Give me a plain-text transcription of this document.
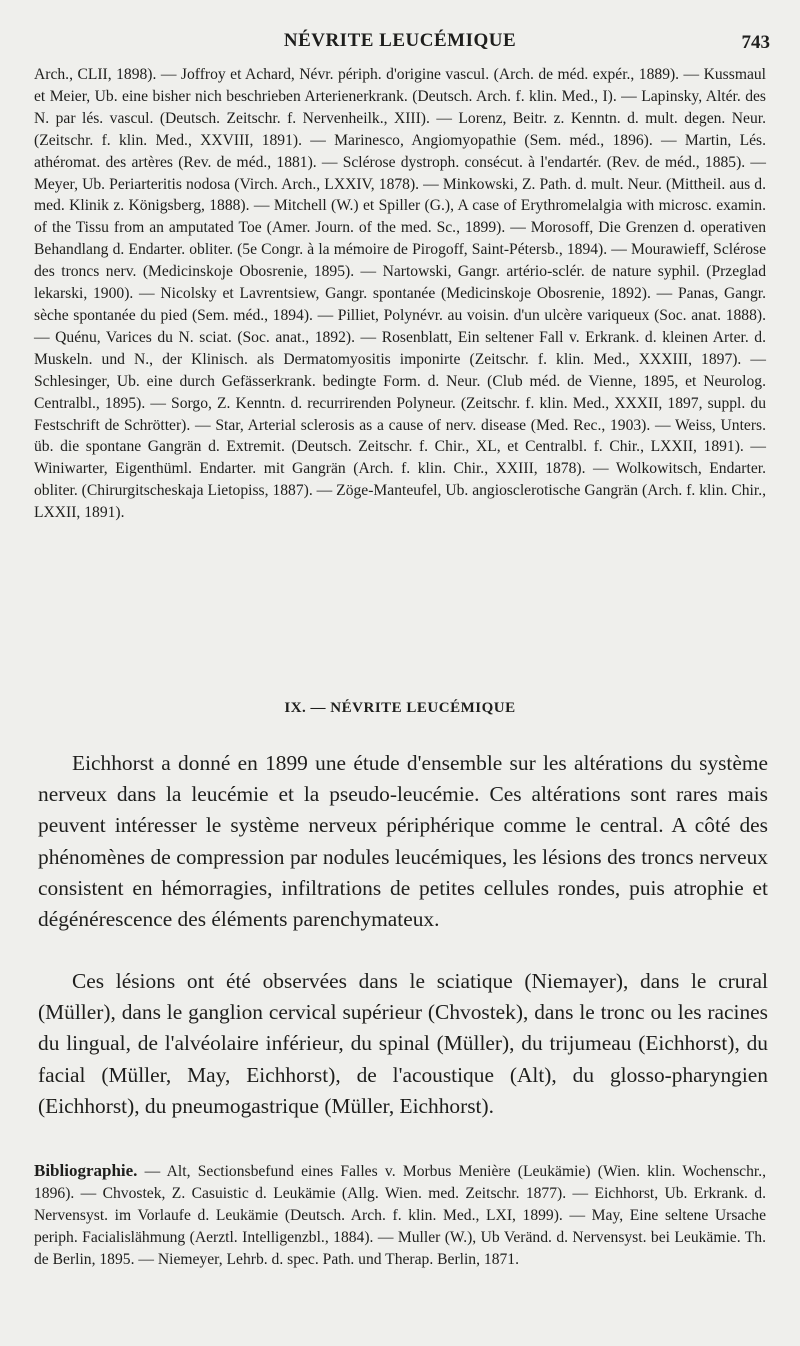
NÉVRITE LEUCÉMIQUE	743
Arch., CLII, 1898). — Joffroy et Achard, Névr. périph. d'origine vascul. (Arch. de méd. expér., 1889). — Kussmaul et Meier, Ub. eine bisher nich beschrieben Arterienerkrank. (Deutsch. Arch. f. klin. Med., I). — Lapinsky, Altér. des N. par lés. vascul. (Deutsch. Zeitschr. f. Nervenheilk., XIII). — Lorenz, Beitr. z. Kenntn. d. mult. degen. Neur. (Zeitschr. f. klin. Med., XXVIII, 1891). — Marinesco, Angiomyopathie (Sem. méd., 1896). — Martin, Lés. athéromat. des artères (Rev. de méd., 1881). — Sclérose dystroph. consécut. à l'endartér. (Rev. de méd., 1885). — Meyer, Ub. Periarteritis nodosa (Virch. Arch., LXXIV, 1878). — Minkowski, Z. Path. d. mult. Neur. (Mittheil. aus d. med. Klinik z. Königsberg, 1888). — Mitchell (W.) et Spiller (G.), A case of Erythromelalgia with microsc. examin. of the Tissu from an amputated Toe (Amer. Journ. of the med. Sc., 1899). — Morosoff, Die Grenzen d. operativen Behandlang d. Endarter. obliter. (5e Congr. à la mémoire de Pirogoff, Saint-Pétersb., 1894). — Mourawieff, Sclérose des troncs nerv. (Medicinskoje Obosrenie, 1895). — Nartowski, Gangr. artério-sclér. de nature syphil. (Przeglad lekarski, 1900). — Nicolsky et Lavrentsiew, Gangr. spontanée (Medicinskoje Obosrenie, 1892). — Panas, Gangr. sèche spontanée du pied (Sem. méd., 1894). — Pilliet, Polynévr. au voisin. d'un ulcère variqueux (Soc. anat. 1888). — Quénu, Varices du N. sciat. (Soc. anat., 1892). — Rosenblatt, Ein seltener Fall v. Erkrank. d. kleinen Arter. d. Muskeln. und N., der Klinisch. als Dermatomyositis imponirte (Zeitschr. f. klin. Med., XXXIII, 1897). — Schlesinger, Ub. eine durch Gefässerkrank. bedingte Form. d. Neur. (Club méd. de Vienne, 1895, et Neurolog. Centralbl., 1895). — Sorgo, Z. Kenntn. d. recurrirenden Polyneur. (Zeitschr. f. klin. Med., XXXII, 1897, suppl. du Festschrift de Schrötter). — Star, Arterial sclerosis as a cause of nerv. disease (Med. Rec., 1903). — Weiss, Unters. üb. die spontane Gangrän d. Extremit. (Deutsch. Zeitschr. f. Chir., XL, et Centralbl. f. Chir., LXXII, 1891). — Winiwarter, Eigenthüml. Endarter. mit Gangrän (Arch. f. klin. Chir., XXIII, 1878). — Wolkowitsch, Endarter. obliter. (Chirurgitscheskaja Lietopiss, 1887). — Zöge-Manteufel, Ub. angiosclerotische Gangrän (Arch. f. klin. Chir., LXXII, 1891).
IX. — NÉVRITE LEUCÉMIQUE

Eichhorst a donné en 1899 une étude d'ensemble sur les altérations du système nerveux dans la leucémie et la pseudo-leucémie. Ces altérations sont rares mais peuvent intéresser le système nerveux périphérique comme le central. A côté des phénomènes de compression par nodules leucémiques, les lésions des troncs nerveux consistent en hémorragies, infiltrations de petites cellules rondes, puis atrophie et dégénérescence des éléments parenchymateux.

Ces lésions ont été observées dans le sciatique (Niemayer), dans le crural (Müller), dans le ganglion cervical supérieur (Chvostek), dans le tronc ou les racines du lingual, de l'alvéolaire inférieur, du spinal (Müller), du trijumeau (Eichhorst), du facial (Müller, May, Eichhorst), de l'acoustique (Alt), du glosso-pharyngien (Eichhorst), du pneumogastrique (Müller, Eichhorst).

Bibliographie. — Alt, Sectionsbefund eines Falles v. Morbus Menière (Leukämie) (Wien. klin. Wochenschr., 1896). — Chvostek, Z. Casuistic d. Leukämie (Allg. Wien. med. Zeitschr. 1877). — Eichhorst, Ub. Erkrank. d. Nervensyst. im Vorlaufe d. Leukämie (Deutsch. Arch. f. klin. Med., LXI, 1899). — May, Eine seltene Ursache periph. Facialislähmung (Aerztl. Intelligenzbl., 1884). — Muller (W.), Ub Veränd. d. Nervensyst. bei Leukämie. Th. de Berlin, 1895. — Niemeyer, Lehrb. d. spec. Path. und Therap. Berlin, 1871.
